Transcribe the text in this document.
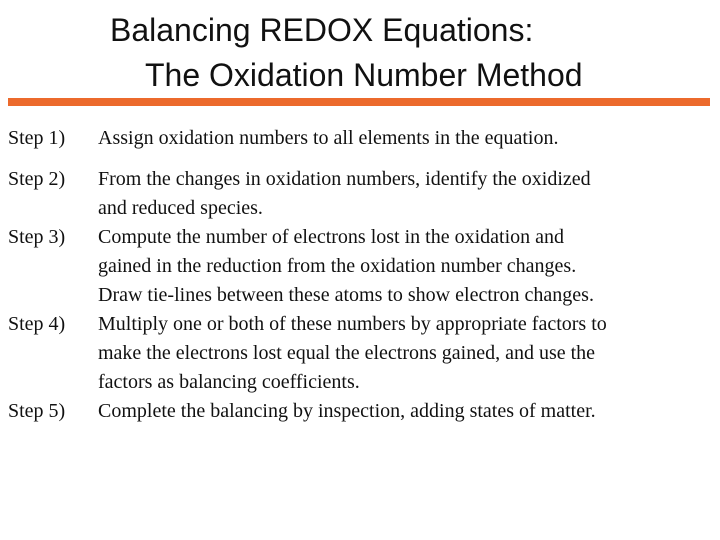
Balancing REDOX Equations:
The Oxidation Number Method
Step 1)	Assign oxidation numbers to all elements in the equation.
Step 2)	From the changes in oxidation numbers, identify the oxidized
and reduced species.
Step 3)	Compute the number of electrons lost in the oxidation and
gained in the reduction from the oxidation number changes.
Draw tie-lines between these atoms to show electron changes.
Step 4)	Multiply one or both of these numbers by appropriate factors to
make the electrons lost equal the electrons gained, and use the
factors as balancing coefficients.
Step 5)	Complete the balancing by inspection, adding states of matter.
